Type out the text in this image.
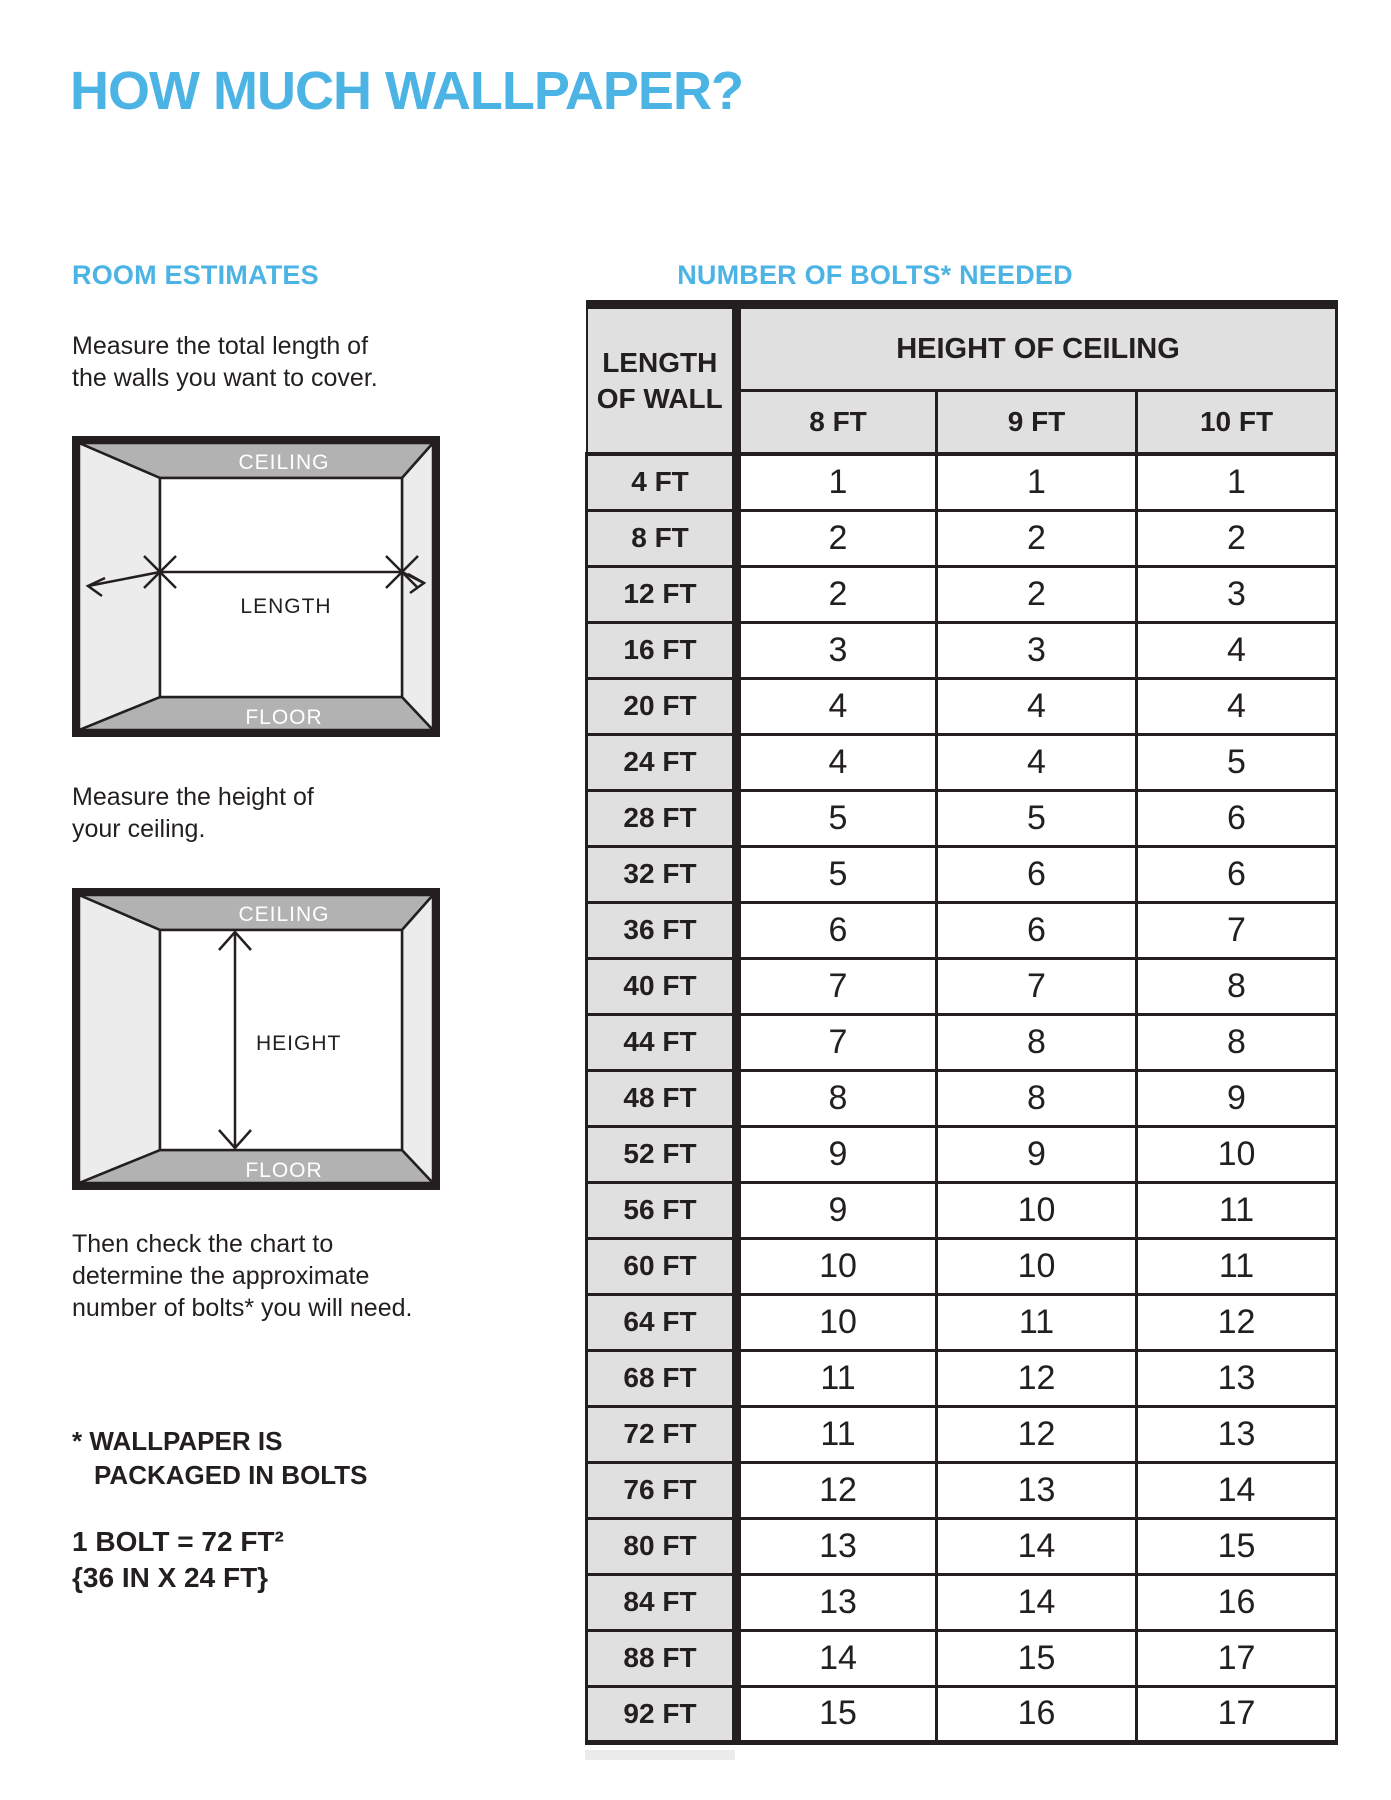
HOW MUCH WALLPAPER?
ROOM ESTIMATES
Measure the total length of
the walls you want to cover.
CEILING
LENGTH
FLOOR
Measure the height of
your ceiling.
CEILING
HEIGHT
FLOOR
Then check the chart to
determine the approximate
number of bolts* you will need.
* WALLPAPER IS
PACKAGED IN BOLTS
1 BOLT = 72 FT²
{36 IN X 24 FT}
NUMBER OF BOLTS* NEEDED
LENGTH OF WALL	HEIGHT OF CEILING		
	8 FT	9 FT	10 FT
4 FT	1	1	1
8 FT	2	2	2
12 FT	2	2	3
16 FT	3	3	4
20 FT	4	4	4
24 FT	4	4	5
28 FT	5	5	6
32 FT	5	6	6
36 FT	6	6	7
40 FT	7	7	8
44 FT	7	8	8
48 FT	8	8	9
52 FT	9	9	10
56 FT	9	10	11
60 FT	10	10	11
64 FT	10	11	12
68 FT	11	12	13
72 FT	11	12	13
76 FT	12	13	14
80 FT	13	14	15
84 FT	13	14	16
88 FT	14	15	17
92 FT	15	16	17
